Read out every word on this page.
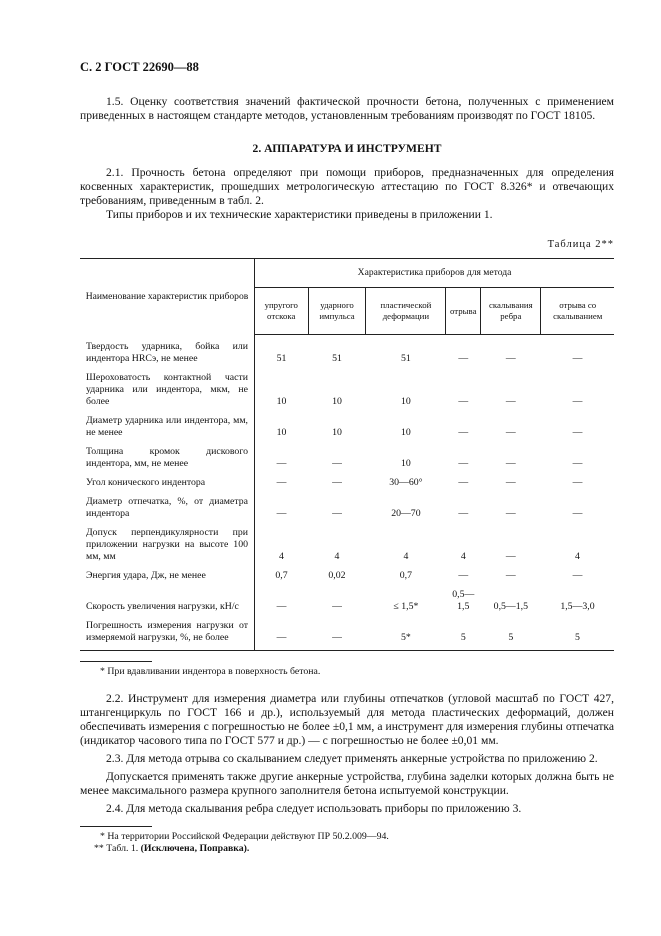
С. 2 ГОСТ 22690—88

1.5. Оценку соответствия значений фактической прочности бетона, полученных с применением приведенных в настоящем стандарте методов, установленным требованиям производят по ГОСТ 18105.

2. АППАРАТУРА И ИНСТРУМЕНТ

2.1. Прочность бетона определяют при помощи приборов, предназначенных для определения косвенных характеристик, прошедших метрологическую аттестацию по ГОСТ 8.326* и отвечающих требованиям, приведенным в табл. 2.

Типы приборов и их технические характеристики приведены в приложении 1.

Таблица 2**
Наименование характеристик приборов	Характеристика приборов для метода					
	упругого отскока	ударного импульса	пластической деформации	отрыва	скалывания ребра	отрыва со скалыванием
Твердость ударника, бойка или индентора HRCэ, не менее	51	51	51	—	—	—
Шероховатость контактной части ударника или индентора, мкм, не более	10	10	10	—	—	—
Диаметр ударника или индентора, мм, не менее	10	10	10	—	—	—
Толщина кромок дискового индентора, мм, не менее	—	—	10	—	—	—
Угол конического индентора	—	—	30—60°	—	—	—
Диаметр отпечатка, %, от диаметра индентора	—	—	20—70	—	—	—
Допуск перпендикулярности при приложении нагрузки на высоте 100 мм, мм	4	4	4	4	—	4
Энергия удара, Дж, не менее	0,7	0,02	0,7	—	—	—
Скорость увеличения нагрузки, кН/с	—	—	≤ 1,5*	0,5—1,5	0,5—1,5	1,5—3,0
Погрешность измерения нагрузки от измеряемой нагрузки, %, не более	—	—	5*	5	5	5
* При вдавливании индентора в поверхность бетона.

2.2. Инструмент для измерения диаметра или глубины отпечатков (угловой масштаб по ГОСТ 427, штангенциркуль по ГОСТ 166 и др.), используемый для метода пластических деформаций, должен обеспечивать измерения с погрешностью не более ±0,1 мм, а инструмент для измерения глубины отпечатка (индикатор часового типа по ГОСТ 577 и др.) — с погрешностью не более ±0,01 мм.

2.3. Для метода отрыва со скалыванием следует применять анкерные устройства по приложению 2.

Допускается применять также другие анкерные устройства, глубина заделки которых должна быть не менее максимального размера крупного заполнителя бетона испытуемой конструкции.

2.4. Для метода скалывания ребра следует использовать приборы по приложению 3.

* На территории Российской Федерации действуют ПР 50.2.009—94.
** Табл. 1. (Исключена, Поправка).
